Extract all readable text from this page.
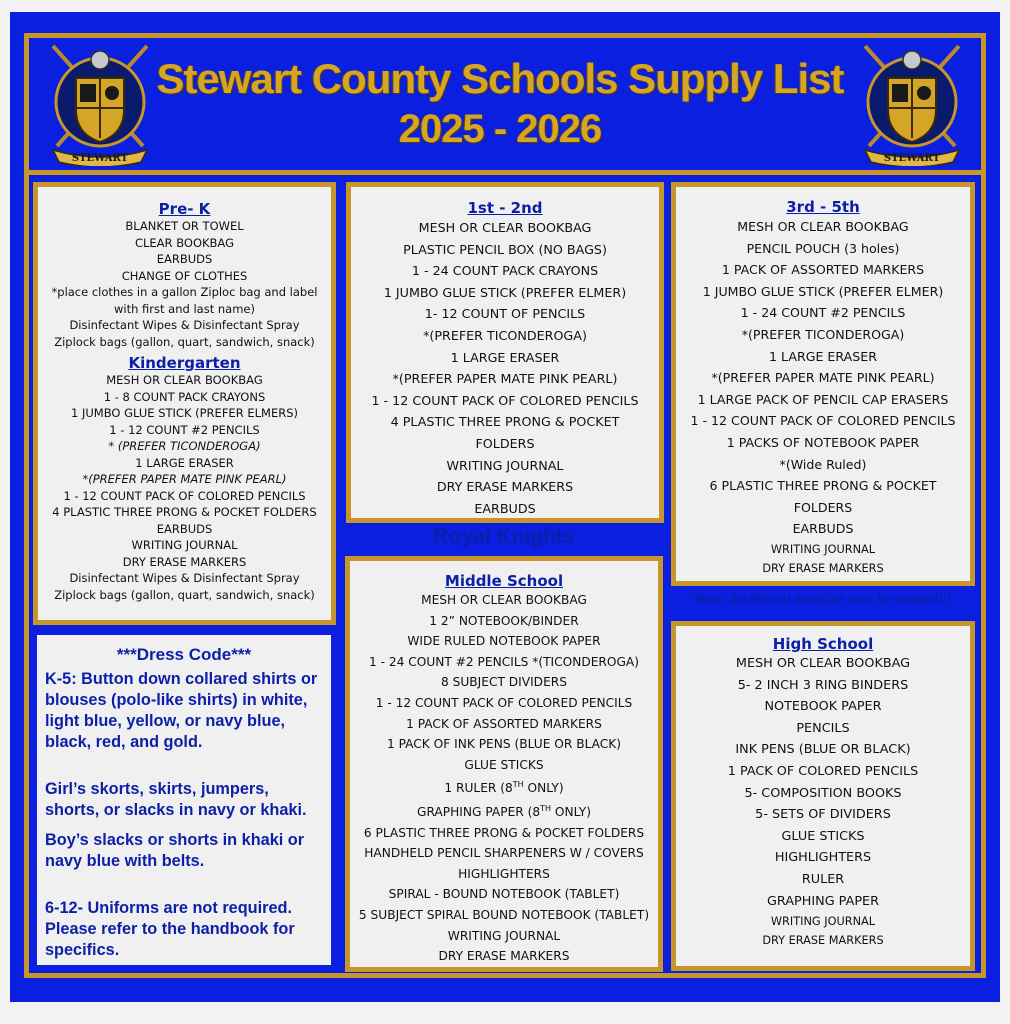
STEWART	STEWART
Stewart County Schools Supply List
2025 - 2026
Pre- K
BLANKET OR TOWEL
CLEAR BOOKBAG
EARBUDS
CHANGE OF CLOTHES
*place clothes in a gallon Ziploc bag and label with first and last name)
Disinfectant Wipes & Disinfectant Spray
Ziplock bags (gallon, quart, sandwich, snack)
Kindergarten
MESH OR CLEAR BOOKBAG
1 - 8 COUNT PACK CRAYONS
1 JUMBO GLUE STICK (PREFER ELMERS)
1 - 12 COUNT #2 PENCILS
* (PREFER TICONDEROGA)
1 LARGE ERASER
*(PREFER PAPER MATE PINK PEARL)
1 - 12 COUNT PACK OF COLORED PENCILS
4 PLASTIC THREE PRONG & POCKET FOLDERS
EARBUDS
WRITING JOURNAL
DRY ERASE MARKERS
Disinfectant Wipes & Disinfectant Spray
Ziplock bags (gallon, quart, sandwich, snack)
1st - 2nd
MESH OR CLEAR BOOKBAG
PLASTIC PENCIL BOX (NO BAGS)
1 - 24 COUNT PACK CRAYONS
1 JUMBO GLUE STICK (PREFER ELMER)
1- 12 COUNT OF PENCILS
*(PREFER TICONDEROGA)
1 LARGE ERASER
*(PREFER PAPER MATE PINK PEARL)
1 - 12 COUNT PACK OF COLORED PENCILS
4 PLASTIC THREE PRONG & POCKET
FOLDERS
WRITING JOURNAL
DRY ERASE MARKERS
EARBUDS
3rd - 5th
MESH OR CLEAR BOOKBAG
PENCIL POUCH (3 holes)
1 PACK OF ASSORTED MARKERS
1 JUMBO GLUE STICK (PREFER ELMER)
1 - 24 COUNT #2 PENCILS
*(PREFER TICONDEROGA)
1 LARGE ERASER
*(PREFER PAPER MATE PINK PEARL)
1 LARGE PACK OF PENCIL CAP ERASERS
1 - 12 COUNT PACK OF COLORED PENCILS
1 PACKS OF NOTEBOOK PAPER
*(Wide Ruled)
6 PLASTIC THREE PRONG & POCKET
FOLDERS
EARBUDS
WRITING JOURNAL
DRY ERASE MARKERS
Royal Knights
Note: Additional supplies may be needed!!!
Middle School
MESH OR CLEAR BOOKBAG
1 2” NOTEBOOK/BINDER
WIDE RULED NOTEBOOK PAPER
1 - 24 COUNT #2 PENCILS *(TICONDEROGA)
8 SUBJECT DIVIDERS
1 - 12 COUNT PACK OF COLORED PENCILS
1 PACK OF ASSORTED MARKERS
1 PACK OF INK PENS (BLUE OR BLACK)
GLUE STICKS
1 RULER (8TH ONLY)
GRAPHING PAPER (8TH ONLY)
6 PLASTIC THREE PRONG & POCKET FOLDERS
HANDHELD PENCIL SHARPENERS W / COVERS
HIGHLIGHTERS
SPIRAL - BOUND NOTEBOOK (TABLET)
5 SUBJECT SPIRAL BOUND NOTEBOOK (TABLET)
WRITING JOURNAL
DRY ERASE MARKERS
High School
MESH OR CLEAR BOOKBAG
5- 2 INCH 3 RING BINDERS
NOTEBOOK PAPER
PENCILS
INK PENS (BLUE OR BLACK)
1 PACK OF COLORED PENCILS
5- COMPOSITION BOOKS
5- SETS OF DIVIDERS
GLUE STICKS
HIGHLIGHTERS
RULER
GRAPHING PAPER
WRITING JOURNAL
DRY ERASE MARKERS
***Dress Code***

K-5: Button down collared shirts or blouses (polo-like shirts) in white, light blue, yellow, or navy blue, black, red, and gold.

Girl’s skorts, skirts, jumpers, shorts, or slacks in navy or khaki.

Boy’s slacks or shorts in khaki or navy blue with belts.

6-12- Uniforms are not required. Please refer to the handbook for specifics.
